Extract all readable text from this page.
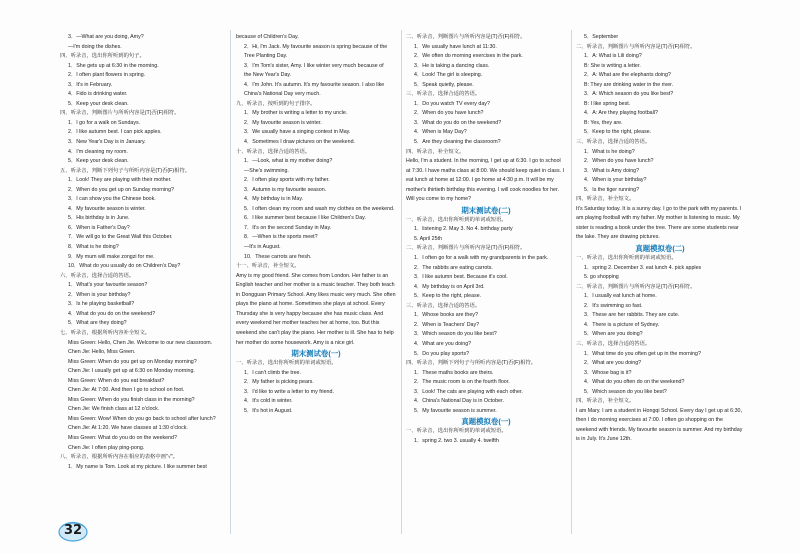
3．—What are you doing, Amy?
—I'm doing the dishes.
四、听录音，选出你所听到的句子。
1．She gets up at 6:30 in the morning.
2．I often plant flowers in spring.
3．It's in February.
4．Fido is drinking water.
5．Keep your desk clean.
四、听录音，判断图片与所听内容是(T)否(F)相符。
1．I go for a walk on Sundays.
2．I like autumn best. I can pick apples.
3．New Year's Day is in January.
4．I'm cleaning my room.
5．Keep your desk clean.
五、听录音，判断下列句子与所听内容是(T)否(F)相符。
1．Look! They are playing with their mother.
2．When do you get up on Sunday morning?
3．I can show you the Chinese book.
4．My favourite season is winter.
5．His birthday is in June.
6．When is Father's Day?
7．We will go to the Great Wall this October.
8．What is he doing?
9．My mum will make zongzi for me.
10．What do you usually do on Children's Day?
六、听录音，选择合适的答语。
1．What's your favourite season?
2．When is your birthday?
3．Is he playing basketball?
4．What do you do on the weekend?
5．What are they doing?
七、听录音，根据所听内容补全短文。
Miss Green: Hello, Chen Jie. Welcome to our new classroom.
Chen Jie: Hello, Miss Green.
Miss Green: When do you get up on Monday morning?
Chen Jie: I usually get up at 6:30 on Monday morning.
Miss Green: When do you eat breakfast?
Chen Jie: At 7:00. And then I go to school on foot.
Miss Green: When do you finish class in the morning?
Chen Jie: We finish class at 12 o'clock.
Miss Green: Wow! When do you go back to school after lunch?
Chen Jie: At 1:20. We have classes at 1:30 o'clock.
Miss Green: What do you do on the weekend?
Chen Jie: I often play ping-pong.
八、听录音，根据所听内容在相应的表格中画"√"。
1．My name is Tom. Look at my picture. I like summer best
because of Children's Day.
2．Hi, I'm Jack. My favourite season is spring because of the
Tree Planting Day.
3．I'm Tom's sister, Amy. I like winter very much because of
the New Year's Day.
4．I'm John. It's autumn. It's my favourite season. I also like
China's National Day very much.
九、听录音，按听到的句子排序。
1．My brother is writing a letter to my uncle.
2．My favourite season is winter.
3．We usually have a singing contest in May.
4．Sometimes I draw pictures on the weekend.
十、听录音，选择合适的答语。
1．—Look, what is my mother doing?
—She's swimming.
2．I often play sports with my father.
3．Autumn is my favourite season.
4．My birthday is in May.
5．I often clean my room and wash my clothes on the weekend.
6．I like summer best because I like Children's Day.
7．It's on the second Sunday in May.
8．—When is the sports meet?
—It's in August.
10．These carrots are fresh.
十一、听录音，补全短文。
Amy is my good friend. She comes from London. Her father is an English teacher and her mother is a music teacher. They both teach in Dongguan Primary School. Amy likes music very much. She often plays the piano at home. Sometimes she plays at school. Every Thursday she is very happy because she has music class. And every weekend her mother teaches her at home, too. But this weekend she can't play the piano. Her mother is ill. She has to help her mother do some housework. Amy is a nice girl.
期末测试卷(一)
一、听录音，选出你所听到的单词或短语。
1．I can't climb the tree.
2．My father is picking pears.
3．I'd like to write a letter to my friend.
4．It's cold in winter.
5．It's hot in August.
二、听录音，判断图片与所听内容是(T)否(F)相符。
1．We usually have lunch at 11:30.
2．We often do morning exercises in the park.
3．He is taking a dancing class.
4．Look! The girl is sleeping.
5．Speak quietly, please.
三、听录音，选择合适的答语。
1．Do you watch TV every day?
2．When do you have lunch?
3．What do you do on the weekend?
4．When is May Day?
5．Are they cleaning the classroom?
四、听录音，补全短文。
Hello, I'm a student. In the morning, I get up at 6:30. I go to school at 7:30. I have maths class at 8:00. We should keep quiet in class. I eat lunch at home at 12:00. I go home at 4:30 p.m. It will be my mother's thirtieth birthday this evening. I will cook noodles for her. Will you come to my home?
期末测试卷(二)
一、听录音，选出你所听到的单词或短语。
1．listening 2. May 3. No 4. birthday party
5. April 25th
二、听录音，判断图片与所听内容是(T)否(F)相符。
1．I often go for a walk with my grandparents in the park.
2．The rabbits are eating carrots.
3．I like autumn best. Because it's cool.
4．My birthday is on April 3rd.
5．Keep to the right, please.
三、听录音，选择合适的答语。
1．Whose books are they?
2．When is Teachers' Day?
3．Which season do you like best?
4．What are you doing?
5．Do you play sports?
四、听录音，判断下列句子与所听内容是(T)否(F)相符。
1．These maths books are theirs.
2．The music room is on the fourth floor.
3．Look! The cats are playing with each other.
4．China's National Day is in October.
5．My favourite season is summer.
真题模拟卷(一)
一、听录音，选出你所听到的单词或短语。
1．spring 2. two 3. usually 4. twelfth
5．September
二、听录音，判断图片与所听内容是(T)否(F)相符。
1．A: What is Lili doing?
B: She is writing a letter.
2．A: What are the elephants doing?
B: They are drinking water in the river.
3．A: Which season do you like best?
B: I like spring best.
4．A: Are they playing football?
B: Yes, they are.
5．Keep to the right, please.
三、听录音，选择合适的答语。
1．What is he doing?
2．When do you have lunch?
3．What is Amy doing?
4．When is your birthday?
5．Is the tiger running?
四、听录音，补全短文。
It's Saturday today. It is a sunny day. I go to the park with my parents. I am playing football with my father. My mother is listening to music. My sister is reading a book under the tree. There are some students near the lake. They are drawing pictures.
真题模拟卷(二)
一、听录音，选出你所听到的单词或短语。
1．spring 2. December 3. eat lunch 4. pick apples
5. go shopping
二、听录音，判断图片与所听内容是(T)否(F)相符。
1．I usually eat lunch at home.
2．It's swimming so fast.
3．These are her rabbits. They are cute.
4．There is a picture of Sydney.
5．When are you doing?
三、听录音，选择合适的答语。
1．What time do you often get up in the morning?
2．What are you doing?
3．Whose bag is it?
4．What do you often do on the weekend?
5．Which season do you like best?
四、听录音，补全短文。
I am Mary. I am a student in Hongqi School. Every day I get up at 6:30, then I do morning exercises at 7:00. I often go shopping on the weekend with friends. My favourite season is summer. And my birthday is in July. It's June 12th.
32
